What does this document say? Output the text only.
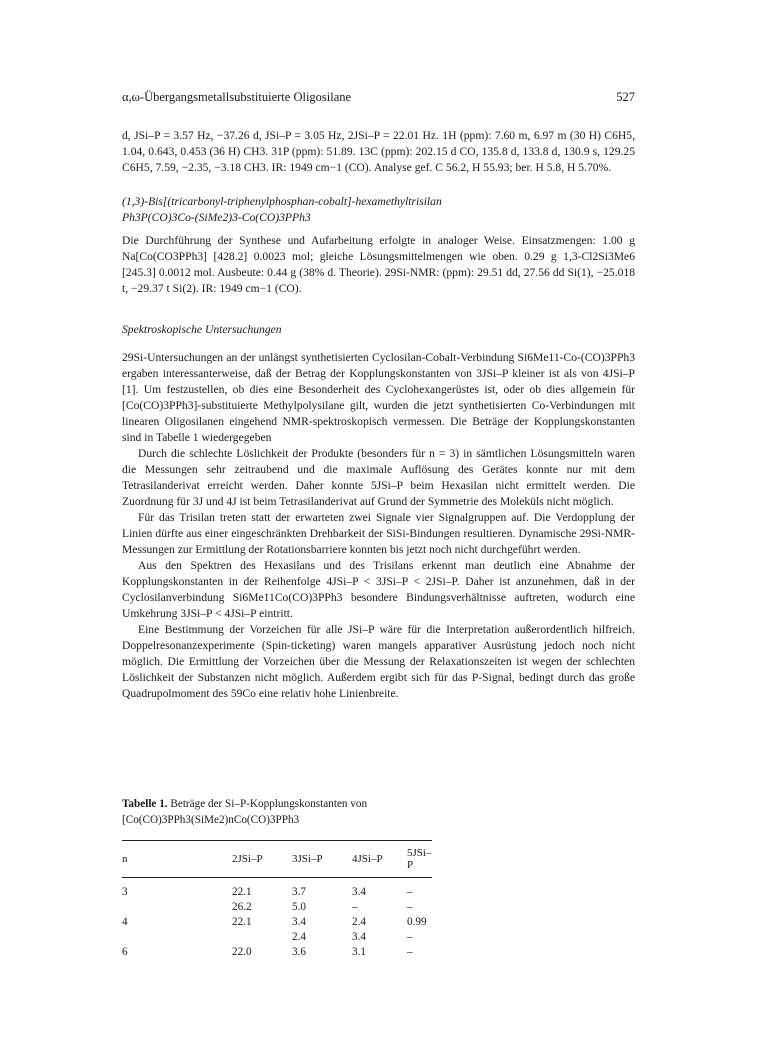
α,ω-Übergangsmetallsubstituierte Oligosilane	527

d, JSi–P = 3.57 Hz, −37.26 d, JSi–P = 3.05 Hz, 2JSi–P = 22.01 Hz. 1H (ppm): 7.60 m, 6.97 m (30 H) C6H5, 1.04, 0.643, 0.453 (36 H) CH3. 31P (ppm): 51.89. 13C (ppm): 202.15 d CO, 135.8 d, 133.8 d, 130.9 s, 129.25 C6H5, 7.59, −2.35, −3.18 CH3. IR: 1949 cm−1 (CO). Analyse gef. C 56.2, H 55.93; ber. H 5.8, H 5.70%.

(1,3)-Bis[(tricarbonyl-triphenylphosphan-cobalt]-hexamethyltrisilan

Ph3P(CO)3Co-(SiMe2)3-Co(CO)3PPh3

Die Durchführung der Synthese und Aufarbeitung erfolgte in analoger Weise. Einsatzmengen: 1.00 g Na[Co(CO3PPh3] [428.2] 0.0023 mol; gleiche Lösungsmittelmengen wie oben. 0.29 g 1,3-Cl2Si3Me6 [245.3] 0.0012 mol. Ausbeute: 0.44 g (38% d. Theorie). 29Si-NMR: (ppm): 29.51 dd, 27.56 dd Si(1), −25.018 t, −29.37 t Si(2). IR: 1949 cm−1 (CO).

Spektroskopische Untersuchungen

29Si-Untersuchungen an der unlängst synthetisierten Cyclosilan-Cobalt-Verbindung Si6Me11-Co-(CO)3PPh3 ergaben interessanterweise, daß der Betrag der Kopplungskonstanten von 3JSi–P kleiner ist als von 4JSi–P [1]. Um festzustellen, ob dies eine Besonderheit des Cyclohexangerüstes ist, oder ob dies allgemein für [Co(CO)3PPh3]-substituierte Methylpolysilane gilt, wurden die jetzt synthetisierten Co-Verbindungen mit linearen Oligosilanen eingehend NMR-spektroskopisch vermessen. Die Beträge der Kopplungskonstanten sind in Tabelle 1 wiedergegeben

Durch die schlechte Löslichkeit der Produkte (besonders für n = 3) in sämtlichen Lösungsmitteln waren die Messungen sehr zeitraubend und die maximale Auflösung des Gerätes konnte nur mit dem Tetrasilanderivat erreicht werden. Daher konnte 5JSi–P beim Hexasilan nicht ermittelt werden. Die Zuordnung für 3J und 4J ist beim Tetrasilanderivat auf Grund der Symmetrie des Moleküls nicht möglich.

Für das Trisilan treten statt der erwarteten zwei Signale vier Signalgruppen auf. Die Verdopplung der Linien dürfte aus einer eingeschränkten Drehbarkeit der SiSi-Bindungen resultieren. Dynamische 29Si-NMR-Messungen zur Ermittlung der Rotationsbarriere konnten bis jetzt noch nicht durchgeführt werden.

Aus den Spektren des Hexasilans und des Trisilans erkennt man deutlich eine Abnahme der Kopplungskonstanten in der Reihenfolge 4JSi–P < 3JSi–P < 2JSi–P. Daher ist anzunehmen, daß in der Cyclosilanverbindung Si6Me11Co(CO)3PPh3 besondere Bindungsverhältnisse auftreten, wodurch eine Umkehrung 3JSi–P < 4JSi–P eintritt.

Eine Bestimmung der Vorzeichen für alle JSi–P wäre für die Interpretation außerordentlich hilfreich. Doppelresonanzexperimente (Spin-ticketing) waren mangels apparativer Ausrüstung jedoch noch nicht möglich. Die Ermittlung der Vorzeichen über die Messung der Relaxationszeiten ist wegen der schlechten Löslichkeit der Substanzen nicht möglich. Außerdem ergibt sich für das P-Signal, bedingt durch das große Quadrupolmoment des 59Co eine relativ hohe Linienbreite.

Tabelle 1. Beträge der Si–P-Kopplungskonstanten von [Co(CO)3PPh3(SiMe2)nCo(CO)3PPh3
n	2JSi–P	3JSi–P	4JSi–P	5JSi–P
3	22.1	3.7	3.4	–
	26.2	5.0	–	–
4	22.1	3.4	2.4	0.99
		2.4	3.4	–
6	22.0	3.6	3.1	–
